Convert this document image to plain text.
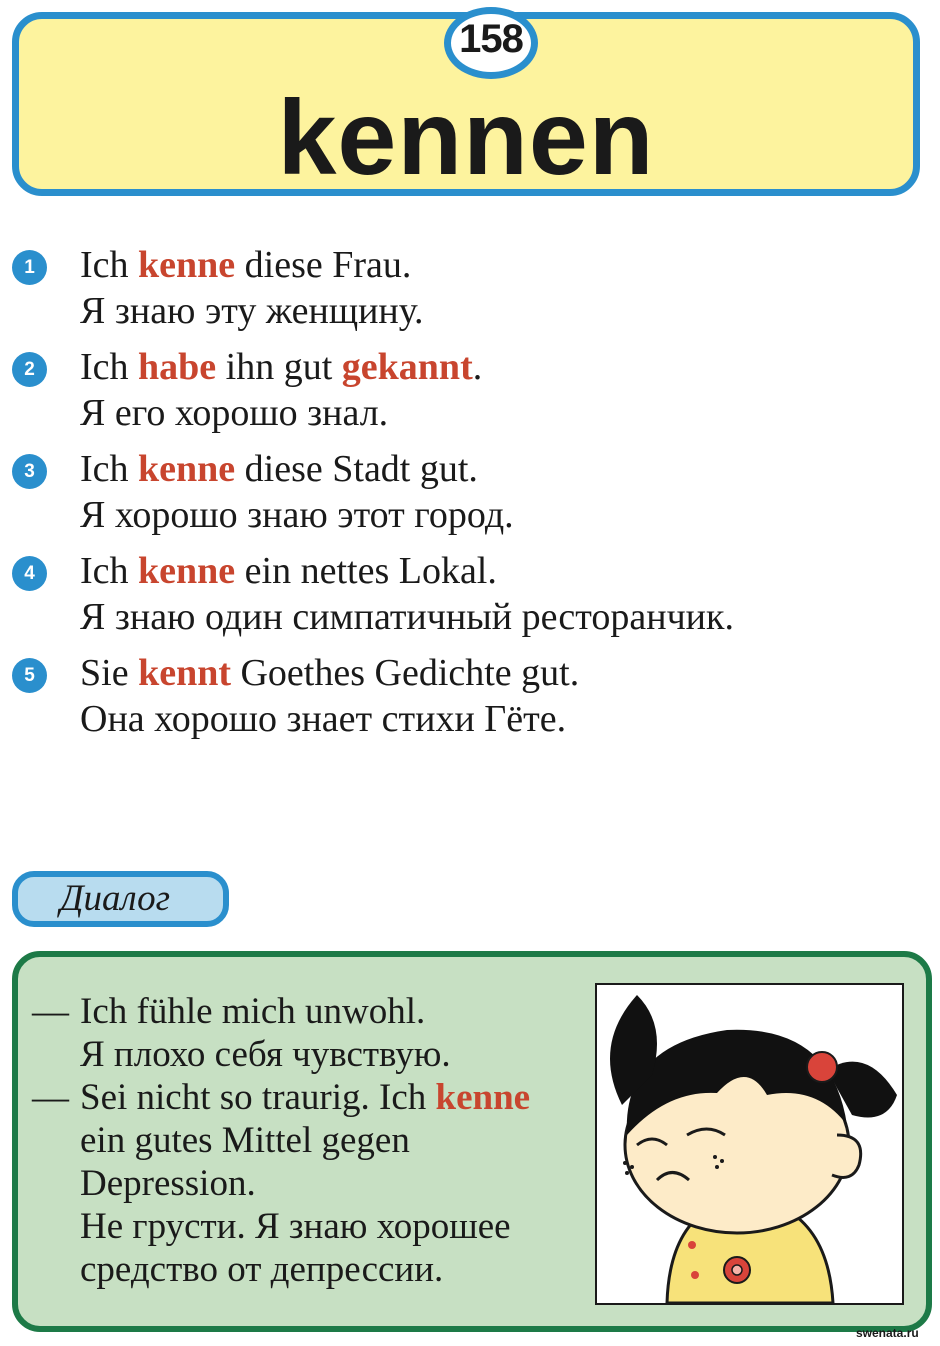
158
kennen
1	Ich kenne diese Frau.
Я знаю эту женщину.
2	Ich habe ihn gut gekannt.
Я его хорошо знал.
3	Ich kenne diese Stadt gut.
Я хорошо знаю этот город.
4	Ich kenne ein nettes Lokal.
Я знаю один симпатичный ресторанчик.
5	Sie kennt Goethes Gedichte gut.
Она хорошо знает стихи Гёте.
Диалог
— Ich fühle mich unwohl.
Я плохо себя чувствую.
— Sei nicht so traurig. Ich kenne
ein gutes Mittel gegen
Depression.
Не грусти. Я знаю хорошее
средство от депрессии.
swenata.ru
